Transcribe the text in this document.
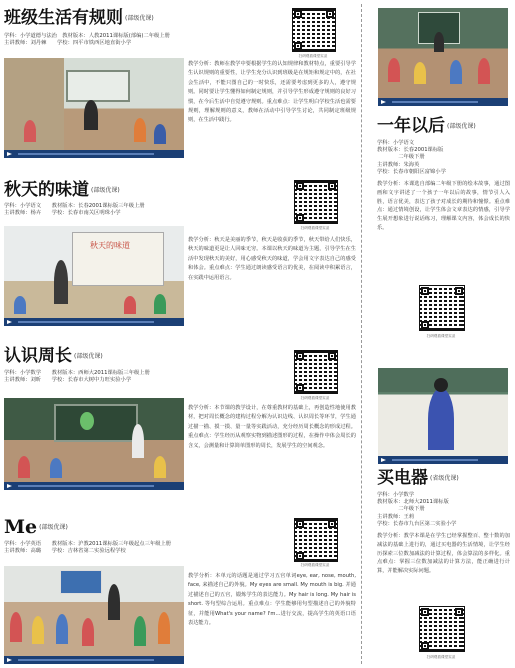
班级生活有规则 (部级优课)
学科：小学道德与法治　教材版本：人教2011课标版(部编)二年级上册
主讲教师：刘丹棘　　学校：四平市铁西区地直街小学
扫码观看课堂实录
教学分析：教师在教学中要根据学生的认知规律和教材特点，重要引导学生认识规则的重要性，让学生充分认识到班级是在规矩和规定中的，在社会生活中，不能只图自己的一时快乐，还需要考虑到更多的人，遵守规则。同时要让学生懂得如何制定规则，并引导学生形成遵守规则的良好习惯，在今后生活中自觉遵守规则。重点难点：让学生明白学校生活也需要规则，理解规则的意义，教师在活动中引导学生讨论，共同制定班级规则，在生活中践行。	一年以后 (部级优课)
学科：小学语文
教材版本：长春2001课标版
　　　　二年级下册
主讲教师：朱海英
学校：长春市朝阳区富锦小学
教学分析：本课选自部编二年级下册的绘本故事，通过图画和文字讲述了一个孩子一年以后的故事，情节引人入胜，语言优美，表达了孩子对成长的期待和憧憬。重点难点：通过情境创设，让学生体会文章表达的情感，引导学生展开想象进行说话练习，理解课文内容，体会成长的快乐。
扫码观看课堂实录
秋天的味道 (部级优课)
学科：小学语文　　教材版本：长春2001课标版三年级上册
主讲教师：杨卉　　学校：长春市南关区明珠小学
扫码观看课堂实录
秋天的味道
教学分析：秋天是美丽的季节，秋天是收获的季节，秋天带给人们快乐，秋天的味道更是让人回味无穷。本课以秋天的味道为主题，引导学生在生活中发现秋天的美好，用心感受秋天的味道，学会用文字表达自己的感受和体会。重点难点：学生通过朗读感受语言的优美，在阅读中积累语言，在实践中运用语言。
认识周长 (部级优课)
学科：小学数学　　教材版本：西师大2011课标版三年级上册
主讲教师：刘昕　　学校：长春市大树中力旺实验小学
扫码观看课堂实录
教学分析：本节课的教学设计，在尊重教材的基础上，再创造性地使用教材，把对周长概念的建构过程分解为认识边线、认识周长等环节，学生通过描一描、摸一摸、量一量等实践活动，充分经历周长概念的形成过程。重点难点：学生经历从观察实物到描述图形的过程，在操作中体会周长的含义，会测量和计算简单图形的周长，发展学生的空间观念。
买电器 (省级优课)
学科：小学数学
教材版本：北师大2011课标版
　　　　二年级下册
主讲教师：王莉
学校：长春市九台区第二实验小学
教学分析：教学本课是在学生已经掌握整百、整十数的加减法的基础上进行的，通过买电器的生活情境，让学生经历探索三位数加减法的计算过程，体会算法的多样化。重点难点：掌握三位数加减法的计算方法，能正确进行计算，并能解决实际问题。
扫码观看课堂实录
Me (部级优课)
学科：小学英语　　教材版本：沪教2011课标版三年级起点三年级上册
主讲教师：高璐　　学校：吉林省第二实验远程学校
扫码观看课堂实录
教学分析：本单元的话题是通过学习五官单词eye, ear, nose, mouth, face, 来描述自己的外貌。My eyes are small. My mouth is big. 并通过描述自己的五官，锻炼学生的表达能力。My hair is long. My hair is short. 等句型综合运用。重点难点：学生能够用句型描述自己的外貌特征，并能用What's your name? I'm...进行交流，提高学生的英语口语表达能力。
